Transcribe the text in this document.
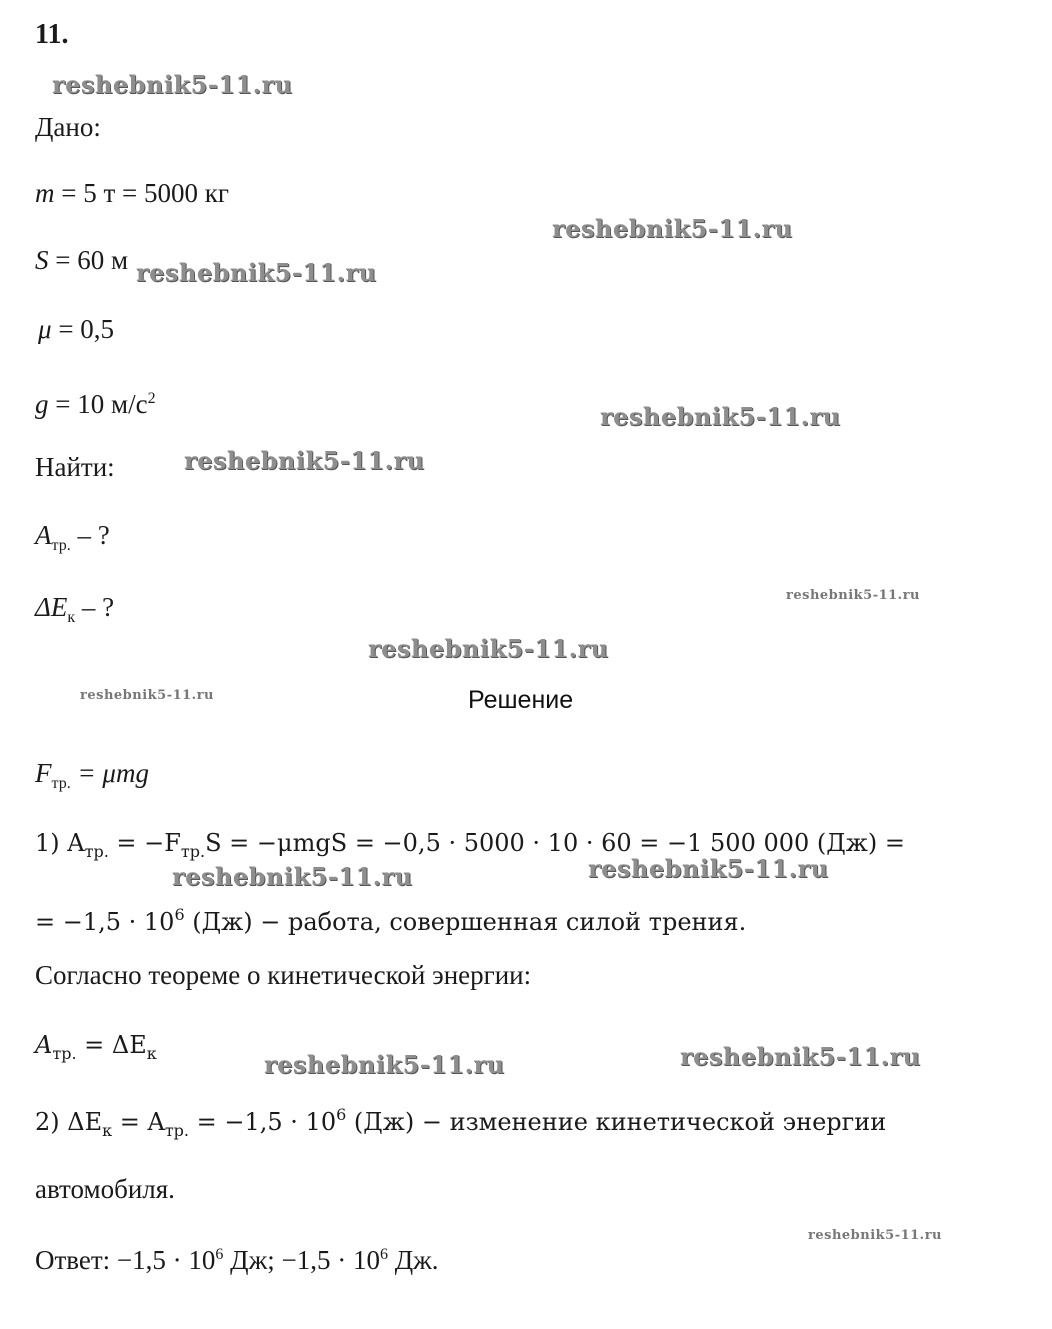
11.
Дано:
m = 5 т = 5000 кг
S = 60 м
μ = 0,5
g = 10 $м/с^2$
Найти:
$A_{тр.}$ – ?
$\Delta E_к$ – ?
Решение
$F_{тр.} = \mu mg$
1) $A_{тр.} = -F_{тр.}S = -\mu mgS = -0,5 \cdot 5000 \cdot 10 \cdot 60 = -1$ 500 000 (Дж) =
= $-1,5 \cdot 10^6$ (Дж) − работа, совершенная силой трения.
Согласно теореме о кинетической энергии:
$A_{тр.} = \Delta E_к$
2) $\Delta E_к = A_{тр.} = -1,5 \cdot 10^6$ (Дж) − изменение кинетической энергии
автомобиля.
Ответ: $-1,5 \cdot 10^6$ Дж; $-1,5 \cdot 10^6$ Дж.
reshebnik5-11.ru
reshebnik5-11.ru
reshebnik5-11.ru
reshebnik5-11.ru
reshebnik5-11.ru
reshebnik5-11.ru
reshebnik5-11.ru
reshebnik5-11.ru
reshebnik5-11.ru	reshebnik5-11.ru
reshebnik5-11.ru	reshebnik5-11.ru
reshebnik5-11.ru
